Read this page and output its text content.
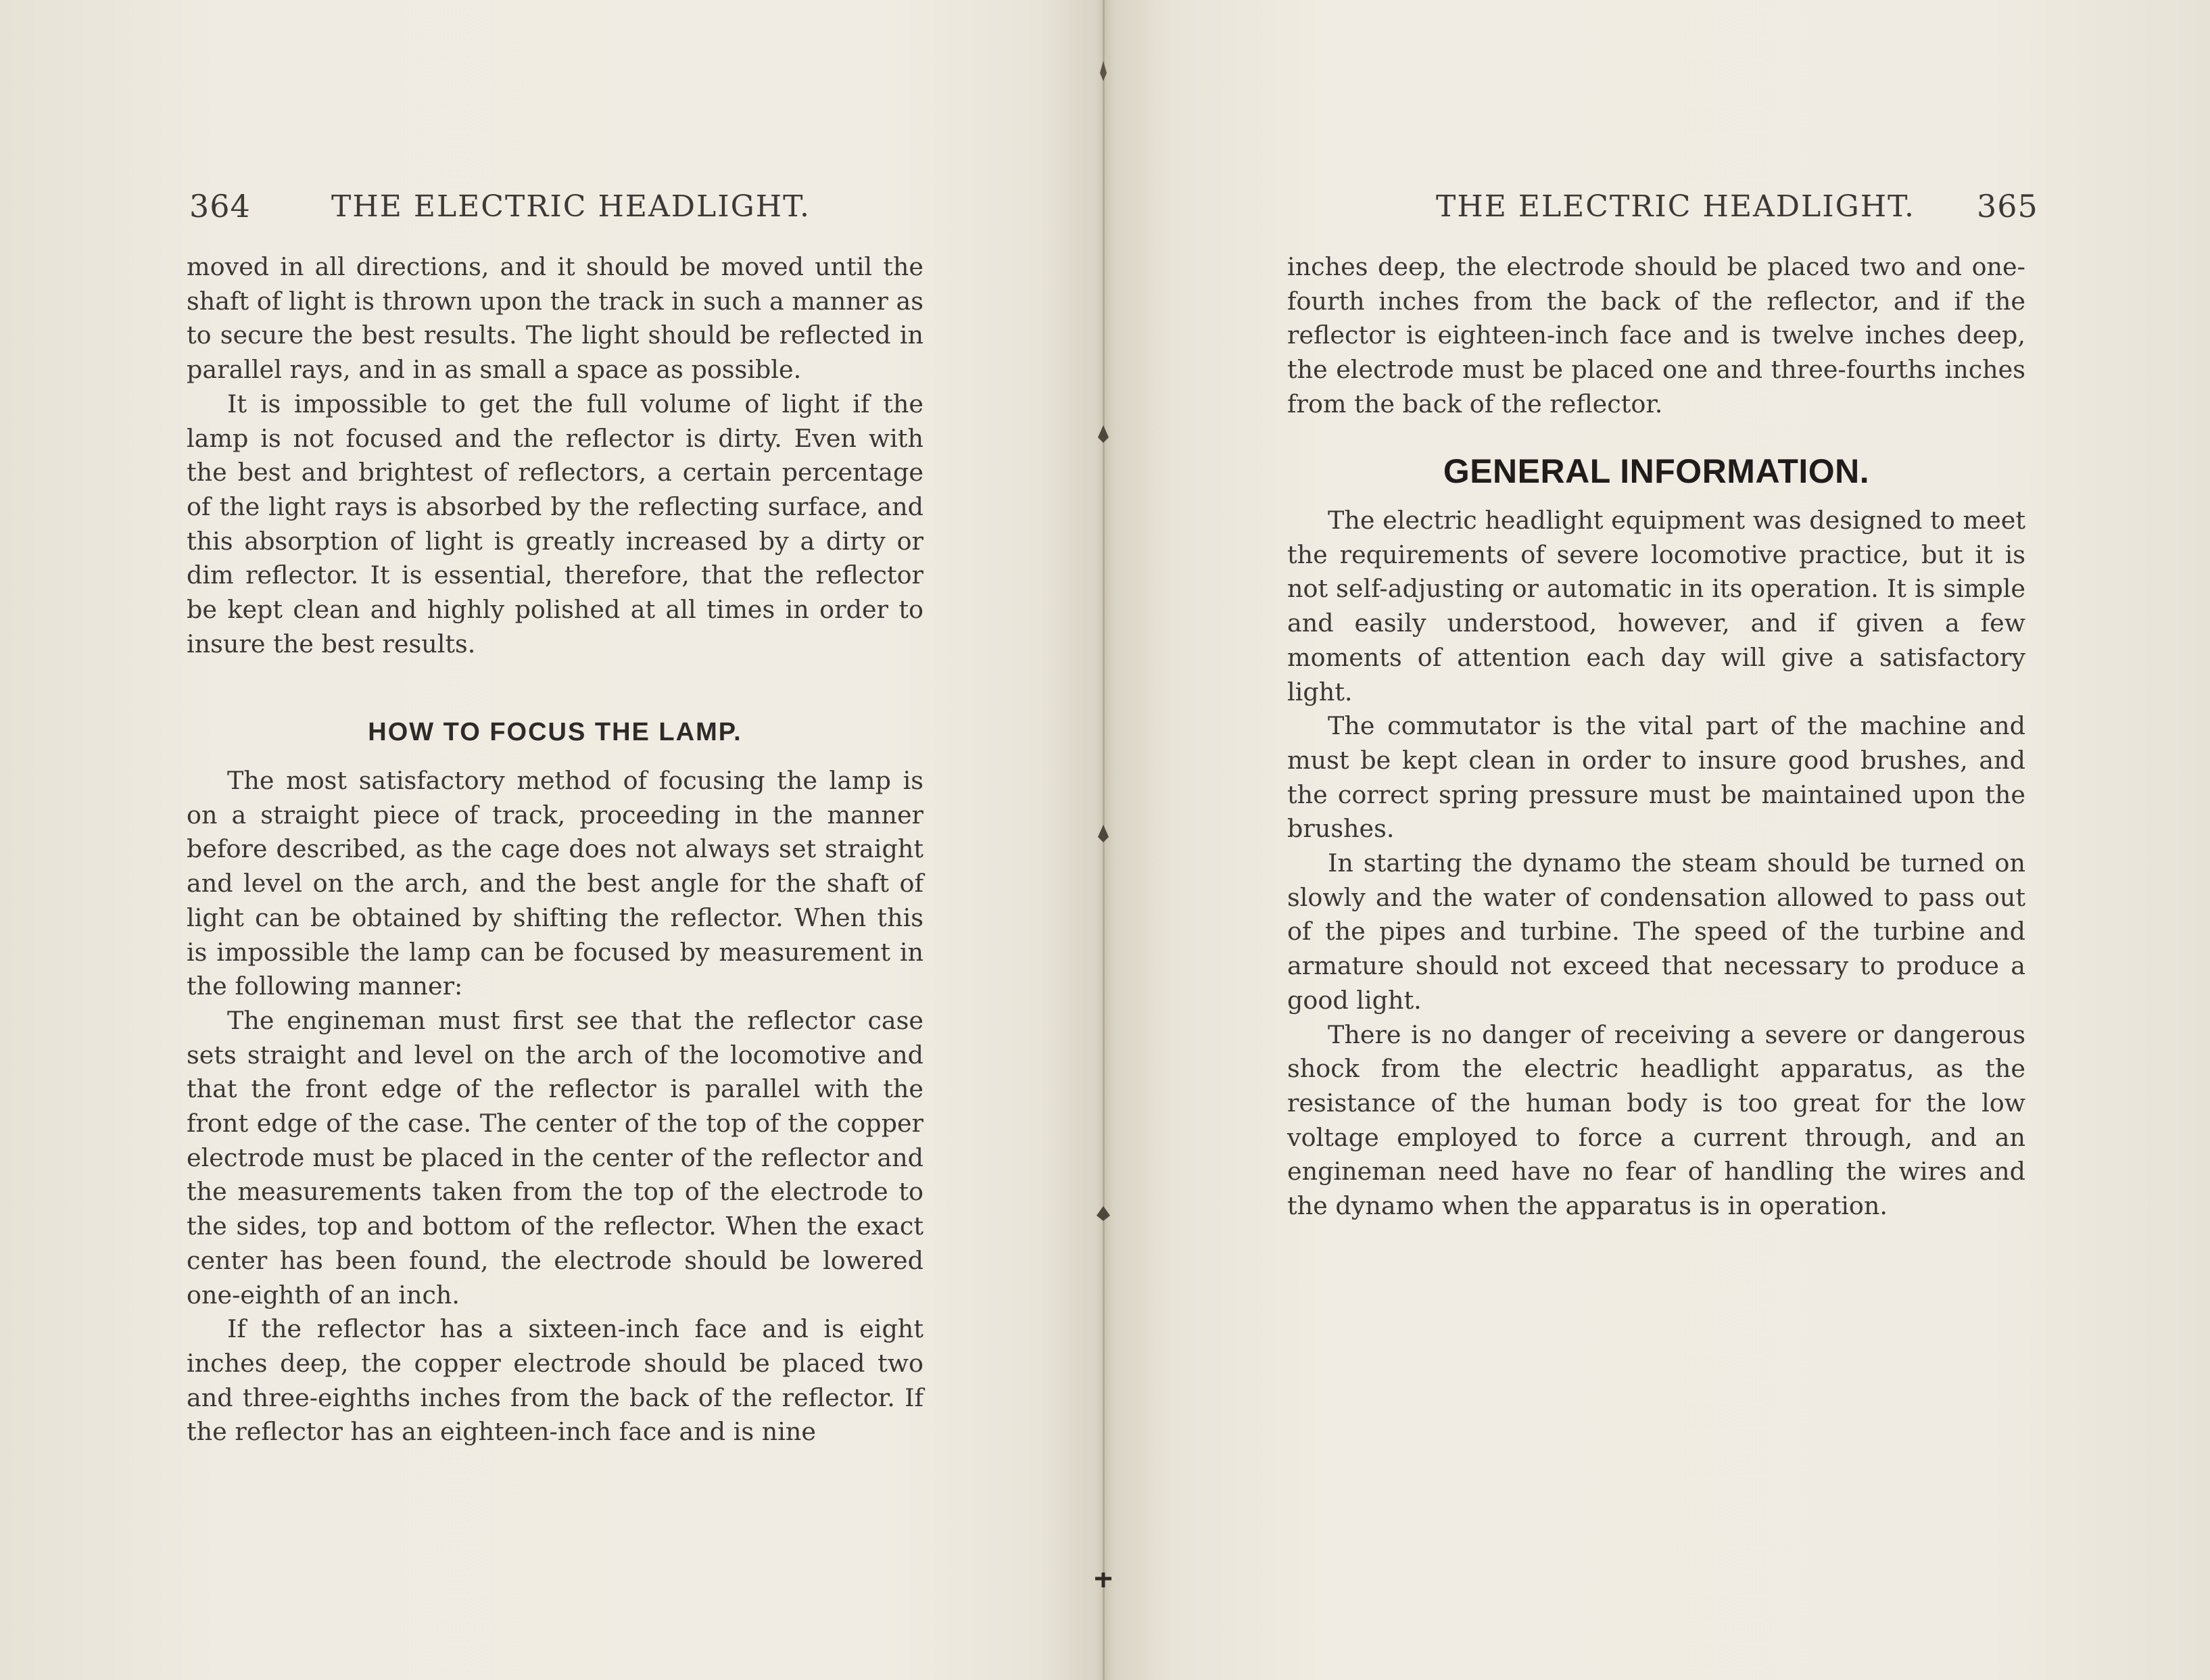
364	THE ELECTRIC HEADLIGHT.

moved in all directions, and it should be moved until the shaft of light is thrown upon the track in such a manner as to secure the best results. The light should be reflected in parallel rays, and in as small a space as possible.

It is impossible to get the full volume of light if the lamp is not focused and the reflector is dirty. Even with the best and brightest of reflectors, a certain percentage of the light rays is absorbed by the reflecting surface, and this absorption of light is greatly increased by a dirty or dim reflector. It is essential, therefore, that the reflector be kept clean and highly polished at all times in order to insure the best results.

HOW TO FOCUS THE LAMP.

The most satisfactory method of focusing the lamp is on a straight piece of track, proceeding in the manner before described, as the cage does not always set straight and level on the arch, and the best angle for the shaft of light can be obtained by shifting the reflector. When this is impossible the lamp can be focused by measurement in the following manner:

The engineman must first see that the reflector case sets straight and level on the arch of the locomotive and that the front edge of the reflector is parallel with the front edge of the case. The center of the top of the copper electrode must be placed in the center of the reflector and the measurements taken from the top of the electrode to the sides, top and bottom of the reflector. When the exact center has been found, the electrode should be lowered one-eighth of an inch.

If the reflector has a sixteen-inch face and is eight inches deep, the copper electrode should be placed two and three-eighths inches from the back of the reflector. If the reflector has an eighteen-inch face and is nine

THE ELECTRIC HEADLIGHT. 365

inches deep, the electrode should be placed two and one-fourth inches from the back of the reflector, and if the reflector is eighteen-inch face and is twelve inches deep, the electrode must be placed one and three-fourths inches from the back of the reflector.

GENERAL INFORMATION.

The electric headlight equipment was designed to meet the requirements of severe locomotive practice, but it is not self-adjusting or automatic in its operation. It is simple and easily understood, however, and if given a few moments of attention each day will give a satisfactory light.

The commutator is the vital part of the machine and must be kept clean in order to insure good brushes, and the correct spring pressure must be maintained upon the brushes.

In starting the dynamo the steam should be turned on slowly and the water of condensation allowed to pass out of the pipes and turbine. The speed of the turbine and armature should not exceed that necessary to produce a good light.

There is no danger of receiving a severe or dangerous shock from the electric headlight apparatus, as the resistance of the human body is too great for the low voltage employed to force a current through, and an engineman need have no fear of handling the wires and the dynamo when the apparatus is in operation.
